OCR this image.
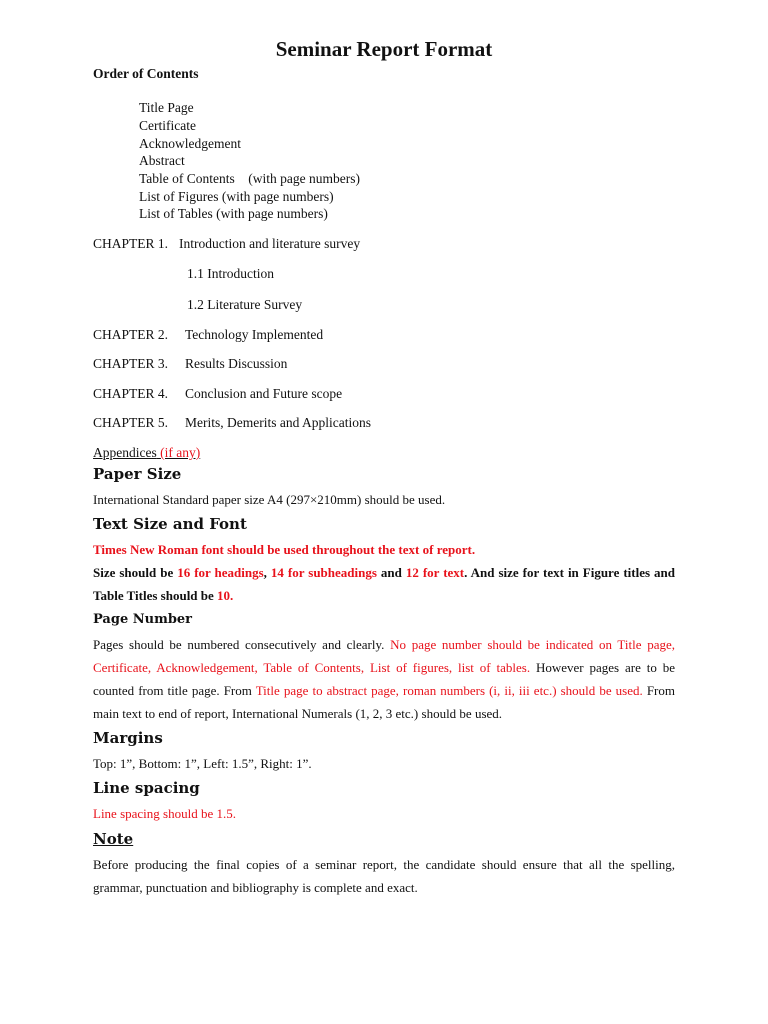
Seminar Report Format
Order of Contents
Title Page
Certificate
Acknowledgement
Abstract
Table of Contents    (with page numbers)
List of Figures (with page numbers)
List of Tables (with page numbers)
CHAPTER 1. Introduction and literature survey
1.1 Introduction
1.2 Literature Survey
CHAPTER 2. Technology Implemented
CHAPTER 3. Results Discussion
CHAPTER 4. Conclusion and Future scope
CHAPTER 5. Merits, Demerits and Applications
Appendices (if any)
Paper Size
International Standard paper size A4 (297×210mm) should be used.
Text Size and Font
Times New Roman font should be used throughout the text of report.
Size should be 16 for headings, 14 for subheadings and 12 for text. And size for text in Figure titles and Table Titles should be 10.
Page Number
Pages should be numbered consecutively and clearly. No page number should be indicated on Title page, Certificate, Acknowledgement, Table of Contents, List of figures, list of tables. However pages are to be counted from title page. From Title page to abstract page, roman numbers (i, ii, iii etc.) should be used. From main text to end of report, International Numerals (1, 2, 3 etc.) should be used.
Margins
Top: 1”, Bottom: 1”, Left: 1.5”, Right: 1”.
Line spacing
Line spacing should be 1.5.
Note
Before producing the final copies of a seminar report, the candidate should ensure that all the spelling, grammar, punctuation and bibliography is complete and exact.
